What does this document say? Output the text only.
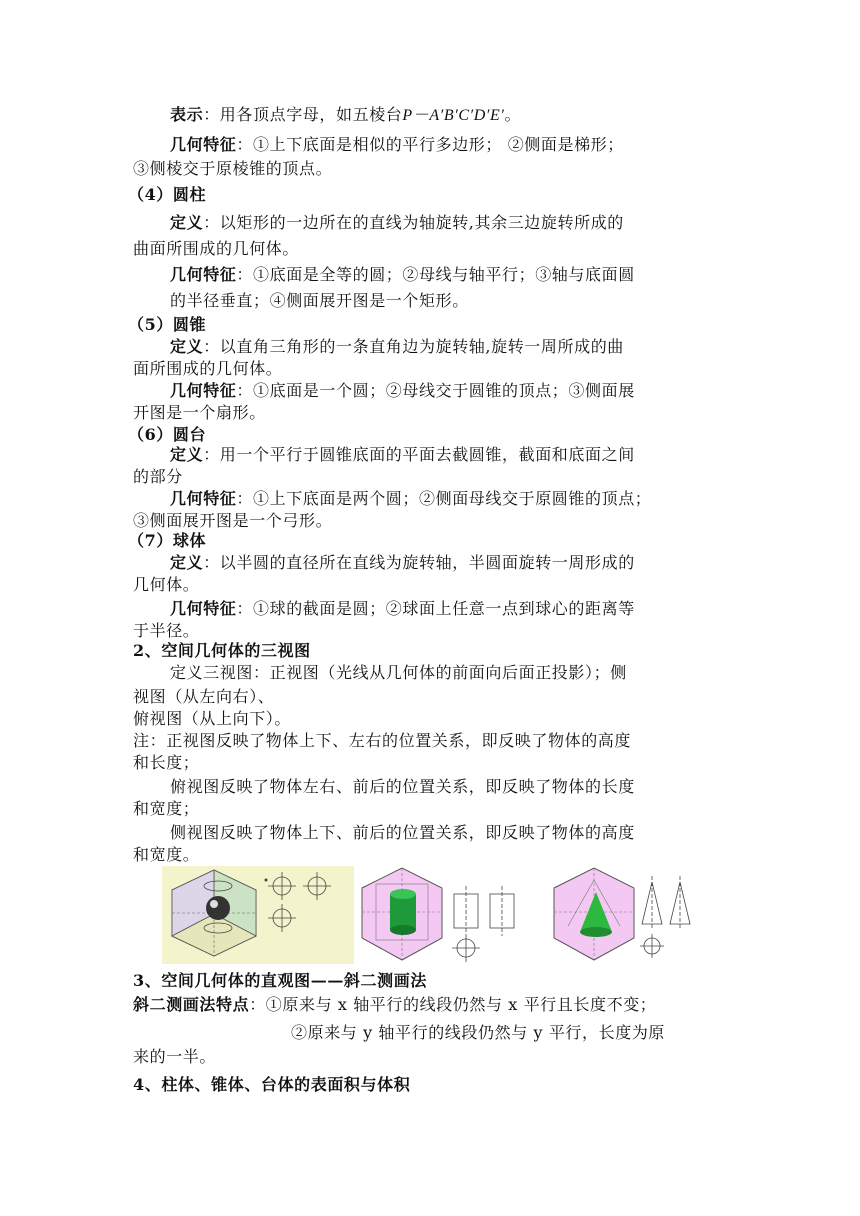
表示：用各顶点字母，如五棱台P－A′B′C′D′E′。
几何特征：①上下底面是相似的平行多边形； ②侧面是梯形；
③侧棱交于原棱锥的顶点。
（4）圆柱
定义：以矩形的一边所在的直线为轴旋转,其余三边旋转所成的
曲面所围成的几何体。
几何特征：①底面是全等的圆；②母线与轴平行；③轴与底面圆
的半径垂直；④侧面展开图是一个矩形。
（5）圆锥
定义：以直角三角形的一条直角边为旋转轴,旋转一周所成的曲
面所围成的几何体。
几何特征：①底面是一个圆；②母线交于圆锥的顶点；③侧面展
开图是一个扇形。
（6）圆台
定义：用一个平行于圆锥底面的平面去截圆锥，截面和底面之间
的部分
几何特征：①上下底面是两个圆；②侧面母线交于原圆锥的顶点；
③侧面展开图是一个弓形。
（7）球体
定义：以半圆的直径所在直线为旋转轴，半圆面旋转一周形成的
几何体。
几何特征：①球的截面是圆；②球面上任意一点到球心的距离等
于半径。
2、空间几何体的三视图
定义三视图：正视图（光线从几何体的前面向后面正投影）；侧
视图（从左向右）、
俯视图（从上向下）。
注：正视图反映了物体上下、左右的位置关系，即反映了物体的高度
和长度；
俯视图反映了物体左右、前后的位置关系，即反映了物体的长度
和宽度；
侧视图反映了物体上下、前后的位置关系，即反映了物体的高度
和宽度。
3、空间几何体的直观图——斜二测画法
斜二测画法特点：①原来与 x 轴平行的线段仍然与 x 平行且长度不变；
②原来与 y 轴平行的线段仍然与 y 平行，长度为原
来的一半。
4、柱体、锥体、台体的表面积与体积
